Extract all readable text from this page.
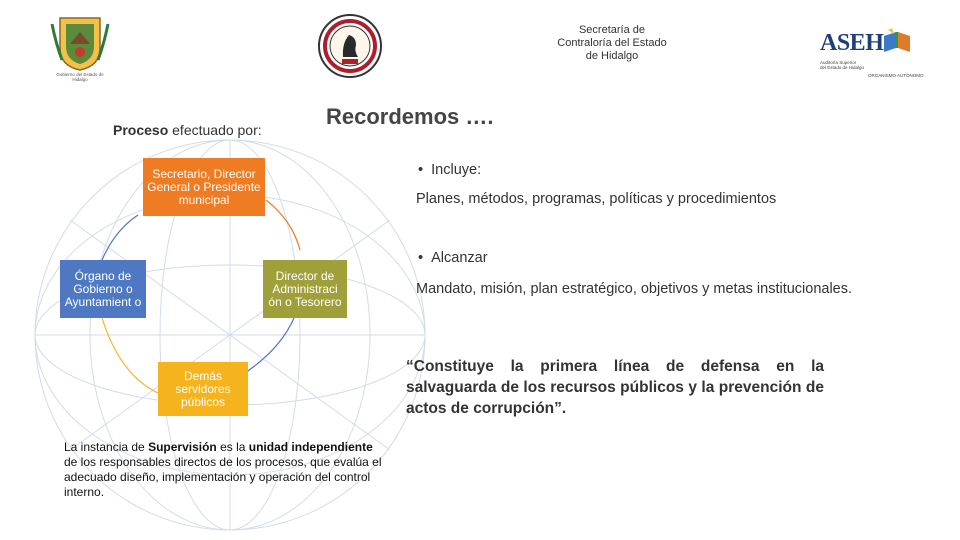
Gobierno del Estado de Hidalgo
Secretaría de
Contraloría del Estado
de Hidalgo	ASEH
Auditoría Superior
del Estado de Hidalgo
ORGANISMO AUTÓNOMO
Recordemos ….
Proceso efectuado por:
Secretario, Director General o Presidente municipal
Órgano de Gobierno o Ayuntamient o
Director de Administraci ón o Tesorero
Demás servidores públicos
La instancia de Supervisión es la unidad independiente de los responsables directos de los procesos, que evalúa el adecuado diseño, implementación y operación del control interno.
•  Incluye:
Planes, métodos, programas, políticas y procedimientos
•  Alcanzar
Mandato, misión, plan estratégico, objetivos y metas institucionales.
“Constituye la primera línea de defensa en la salvaguarda de los recursos públicos y la prevención de actos de corrupción”.
